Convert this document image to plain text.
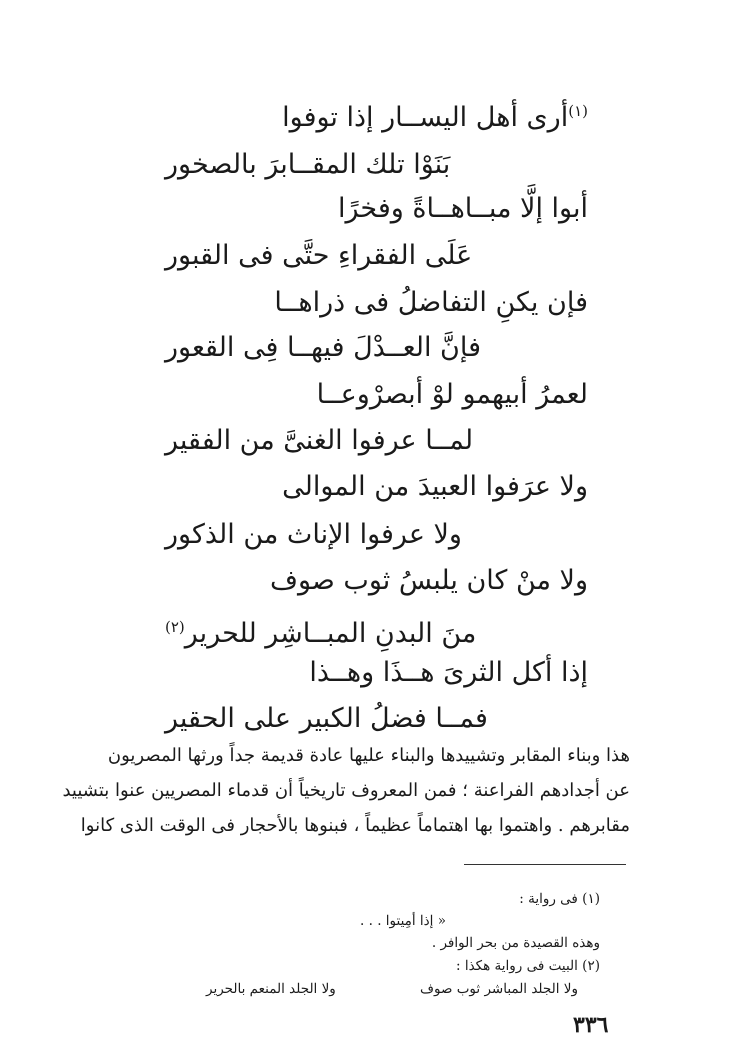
$^{(١)}$أرى أهل اليســار إذا توفوا
بَنَوْا تلك المقــابرَ بالصخور
أبوا إلَّا مبــاهــاةً وفخرًا
عَلَى الفقراءِ حتَّى فى القبور
فإن يكنِ التفاضلُ فى ذراهــا
فإنَّ العــدْلَ فيهــا فِى القعور
لعمرُ أبيهمو لوْ أبصرْوعــا
لمــا عرفوا الغنىَّ من الفقير
ولا عرَفوا العبيدَ من الموالى
ولا عرفوا الإناث من الذكور
ولا منْ كان يلبسُ ثوب صوف
منَ البدنِ المبــاشِر للحرير$^{(٢)}$
إذا أكل الثرىَ هــذَا وهــذا
فمــا فضلُ الكبير على الحقير
هذا وبناء المقابر وتشييدها والبناء عليها عادة قديمة جداً ورثها المصريون
عن أجدادهم الفراعنة ؛ فمن المعروف تاريخياً أن قدماء المصريين عنوا بتشييد
مقابرهم . واهتموا بها اهتماماً عظيماً ، فبنوها بالأحجار فى الوقت الذى كانوا
(١) فى رواية :
« إذا أمِيتوا . . .
وهذه القصيدة من بحر الوافر .
(٢) البيت فى رواية هكذا :
ولا الجلد المباشر ثوب صوف
ولا الجلد المنعم بالحرير
٣٣٦
